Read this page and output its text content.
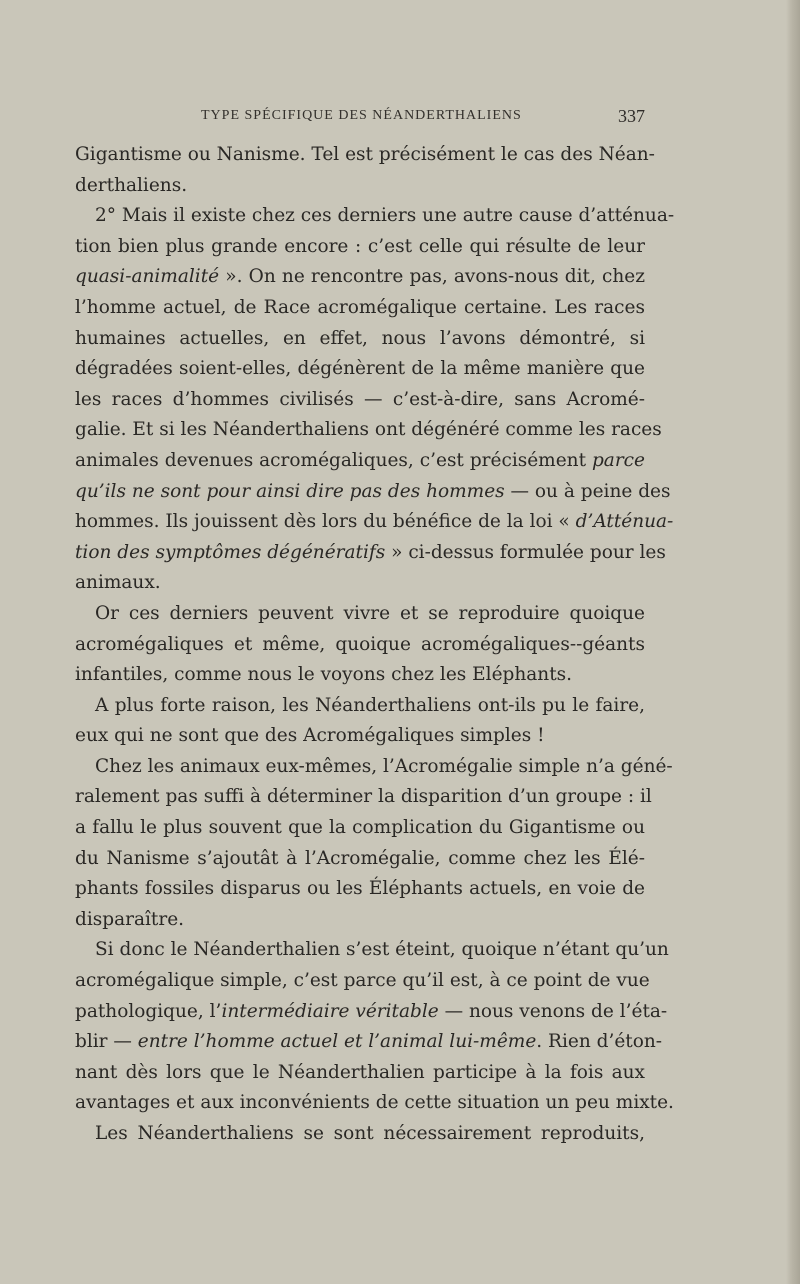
TYPE SPÉCIFIQUE DES NÉANDERTHALIENS	337
Gigantisme ou Nanisme. Tel est précisément le cas des Néan-
derthaliens.
2° Mais il existe chez ces derniers une autre cause d’atténua-
tion bien plus grande encore : c’est celle qui résulte de leur
quasi-animalité ». On ne rencontre pas, avons-nous dit, chez
l’homme actuel, de Race acromégalique certaine. Les races
humaines actuelles, en effet, nous l’avons démontré, si
dégradées soient-elles, dégénèrent de la même manière que
les races d’hommes civilisés — c’est-à-dire, sans Acromé-
galie. Et si les Néanderthaliens ont dégénéré comme les races
animales devenues acromégaliques, c’est précisément parce
qu’ils ne sont pour ainsi dire pas des hommes — ou à peine des
hommes. Ils jouissent dès lors du bénéfice de la loi « d’Atténua-
tion des symptômes dégénératifs » ci-dessus formulée pour les
animaux.
Or ces derniers peuvent vivre et se reproduire quoique
acromégaliques et même, quoique acromégaliques--géants
infantiles, comme nous le voyons chez les Eléphants.
A plus forte raison, les Néanderthaliens ont-ils pu le faire,
eux qui ne sont que des Acromégaliques simples !
Chez les animaux eux-mêmes, l’Acromégalie simple n’a géné-
ralement pas suffi à déterminer la disparition d’un groupe : il
a fallu le plus souvent que la complication du Gigantisme ou
du Nanisme s’ajoutât à l’Acromégalie, comme chez les Élé-
phants fossiles disparus ou les Éléphants actuels, en voie de
disparaître.
Si donc le Néanderthalien s’est éteint, quoique n’étant qu’un
acromégalique simple, c’est parce qu’il est, à ce point de vue
pathologique, l’intermédiaire véritable — nous venons de l’éta-
blir — entre l’homme actuel et l’animal lui-même. Rien d’éton-
nant dès lors que le Néanderthalien participe à la fois aux
avantages et aux inconvénients de cette situation un peu mixte.
Les Néanderthaliens se sont nécessairement reproduits,
